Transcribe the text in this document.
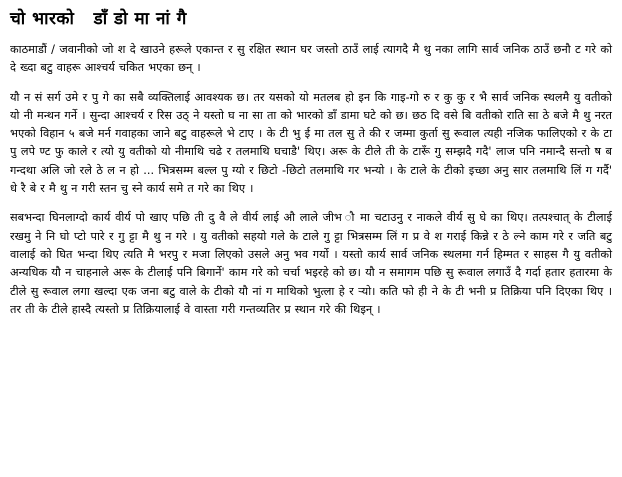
चो भारको   डाँ डो मा नां गै

काठमाडौं / जवानीको जो श दे खाउने हरूले एकान्त र सु रक्षित स्थान घर जस्तो ठाउँ लाई त्यागदै मै थु नका लागि सार्व जनिक ठाउँ छनौ ट गरे को दे ख्दा बटु वाहरू आश्चर्य चकित भएका छन् ।

यौ न सं सर्ग उमे र पु गे का सबै व्यक्तिलाई आवश्यक छ। तर यसको यो मतलब हो इन कि गाइ-गो रु र कु कु र भै सार्व जनिक स्थलमै यु वतीको यो नी मन्थन गर्ने । सुन्दा आश्चर्य र रिस उठ् ने यस्तो घ ना सा ता को भारको डाँ डामा घटे को छ। छठ दि वसे बि वतीको राति सा ठे बजे मै थु नरत भएको विहान ५ बजे मर्न गवाहका जाने बटु वाहरूले भे टाए । के टी भु ई मा तल सु ते की र जम्मा कुर्ता सु रूवाल त्यही नजिक फालिएको र के टा पु लपे ण्ट फु काले र त्यो यु वतीको यो नीमाथि चढे र तलमाथि घचाडै' थिए। अरू के टीले ती के टारूँ गु सम्झदै गदै' लाज पनि नमान्दै सन्तो ष ब गन्दथा अलि जो रले ठे ल न हो ... भित्रसम्म बल्ल पु ग्यो र छिटो -छिटो तलमाथि गर भन्यो । के टाले के टीको इच्छा अनु सार तलमाथि लिं ग गर्दै' धे रै बे र मै थु न गरी स्तन चु स्ने कार्य समे त गरे का थिए ।

सबभन्दा घिनलाग्दो कार्य वीर्य पो खाए पछि ती दु वै ले वीर्य लाई औ लाले जीभ ौ मा चटाउनु र नाकले वीर्य सु घे का थिए। तत्पश्चात् के टीलाई रखमु ने नि घो प्टो पारे र गु ट्टा मै थु न गरे । यु वतीको सहयो गले के टाले गु ट्टा भित्रसम्म लिं ग प्र वे श गराई किन्ने र ठे ल्ने काम गरे र जति बटु वालाई को घित भन्दा थिए त्यति मै भरपु र मजा लिएको उसले अनु भव गर्यो । यस्तो कार्य सार्व जनिक स्थलमा गर्न हिम्मत र साहस गै यु वतीको अन्यधिक यौ न चाहनाले अरू के टीलाई पनि बिगार्ने' काम गरे को चर्चा भइरहे को छ। यौ न समागम पछि सु रूवाल लगाउँ दै गर्दा हतार हतारमा के टीले सु रूवाल लगा खल्दा एक जना बटु वाले के टीको यौ नां ग माथिको भुत्ला हे र ऱ्यो। कति फो ही ने के टी भनी प्र तिक्रिया पनि दिएका थिए । तर ती के टीले हास्दै त्यस्तो प्र तिक्रियालाई वे वास्ता गरी गन्तव्यतिर प्र स्थान गरे की थिइन् ।
